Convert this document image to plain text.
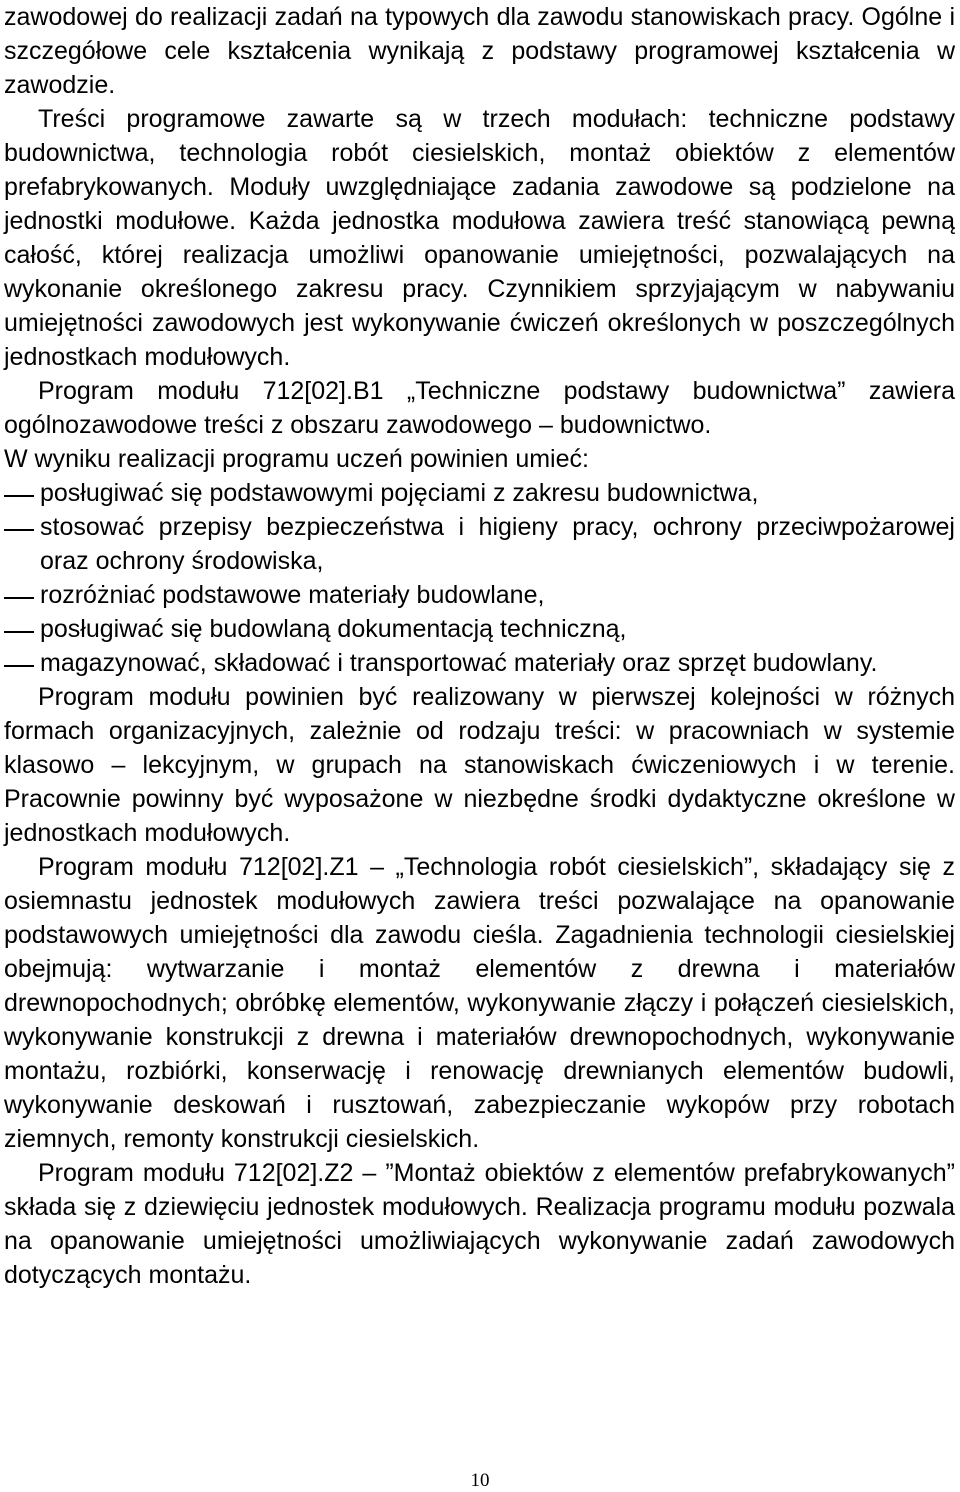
zawodowej do realizacji zadań na typowych dla zawodu stanowiskach pracy. Ogólne i szczegółowe cele kształcenia wynikają z podstawy programowej kształcenia w zawodzie.

Treści programowe zawarte są w trzech modułach: techniczne podstawy budownictwa, technologia robót ciesielskich, montaż obiektów z elementów prefabrykowanych. Moduły uwzględniające zadania zawodowe są podzielone na jednostki modułowe. Każda jednostka modułowa zawiera treść stanowiącą pewną całość, której realizacja umożliwi opanowanie umiejętności, pozwalających na wykonanie określonego zakresu pracy. Czynnikiem sprzyjającym w nabywaniu umiejętności zawodowych jest wykonywanie ćwiczeń określonych w poszczególnych jednostkach modułowych.

Program modułu 712[02].B1 „Techniczne podstawy budownictwa” zawiera ogólnozawodowe treści z obszaru zawodowego – budownictwo.

W wyniku realizacji programu uczeń powinien umieć:

posługiwać się podstawowymi pojęciami z zakresu budownictwa,
stosować przepisy bezpieczeństwa i higieny pracy, ochrony przeciwpożarowej oraz ochrony środowiska,
rozróżniać podstawowe materiały budowlane,
posługiwać się budowlaną dokumentacją techniczną,
magazynować, składować i transportować materiały oraz sprzęt budowlany.

Program modułu powinien być realizowany w pierwszej kolejności w różnych formach organizacyjnych, zależnie od rodzaju treści: w pracowniach w systemie klasowo – lekcyjnym, w grupach na stanowiskach ćwiczeniowych i w terenie. Pracownie powinny być wyposażone w niezbędne środki dydaktyczne określone w jednostkach modułowych.

Program modułu 712[02].Z1 – „Technologia robót ciesielskich”, składający się z osiemnastu jednostek modułowych zawiera treści pozwalające na opanowanie podstawowych umiejętności dla zawodu cieśla. Zagadnienia technologii ciesielskiej obejmują: wytwarzanie i montaż elementów z drewna i materiałów drewnopochodnych; obróbkę elementów, wykonywanie złączy i połączeń ciesielskich, wykonywanie konstrukcji z drewna i materiałów drewnopochodnych, wykonywanie montażu, rozbiórki, konserwację i renowację drewnianych elementów budowli, wykonywanie deskowań i rusztowań, zabezpieczanie wykopów przy robotach ziemnych, remonty konstrukcji ciesielskich.

Program modułu 712[02].Z2 – ”Montaż obiektów z elementów prefabrykowanych” składa się z dziewięciu jednostek modułowych. Realizacja programu modułu pozwala na opanowanie umiejętności umożliwiających wykonywanie zadań zawodowych dotyczących montażu.

10
